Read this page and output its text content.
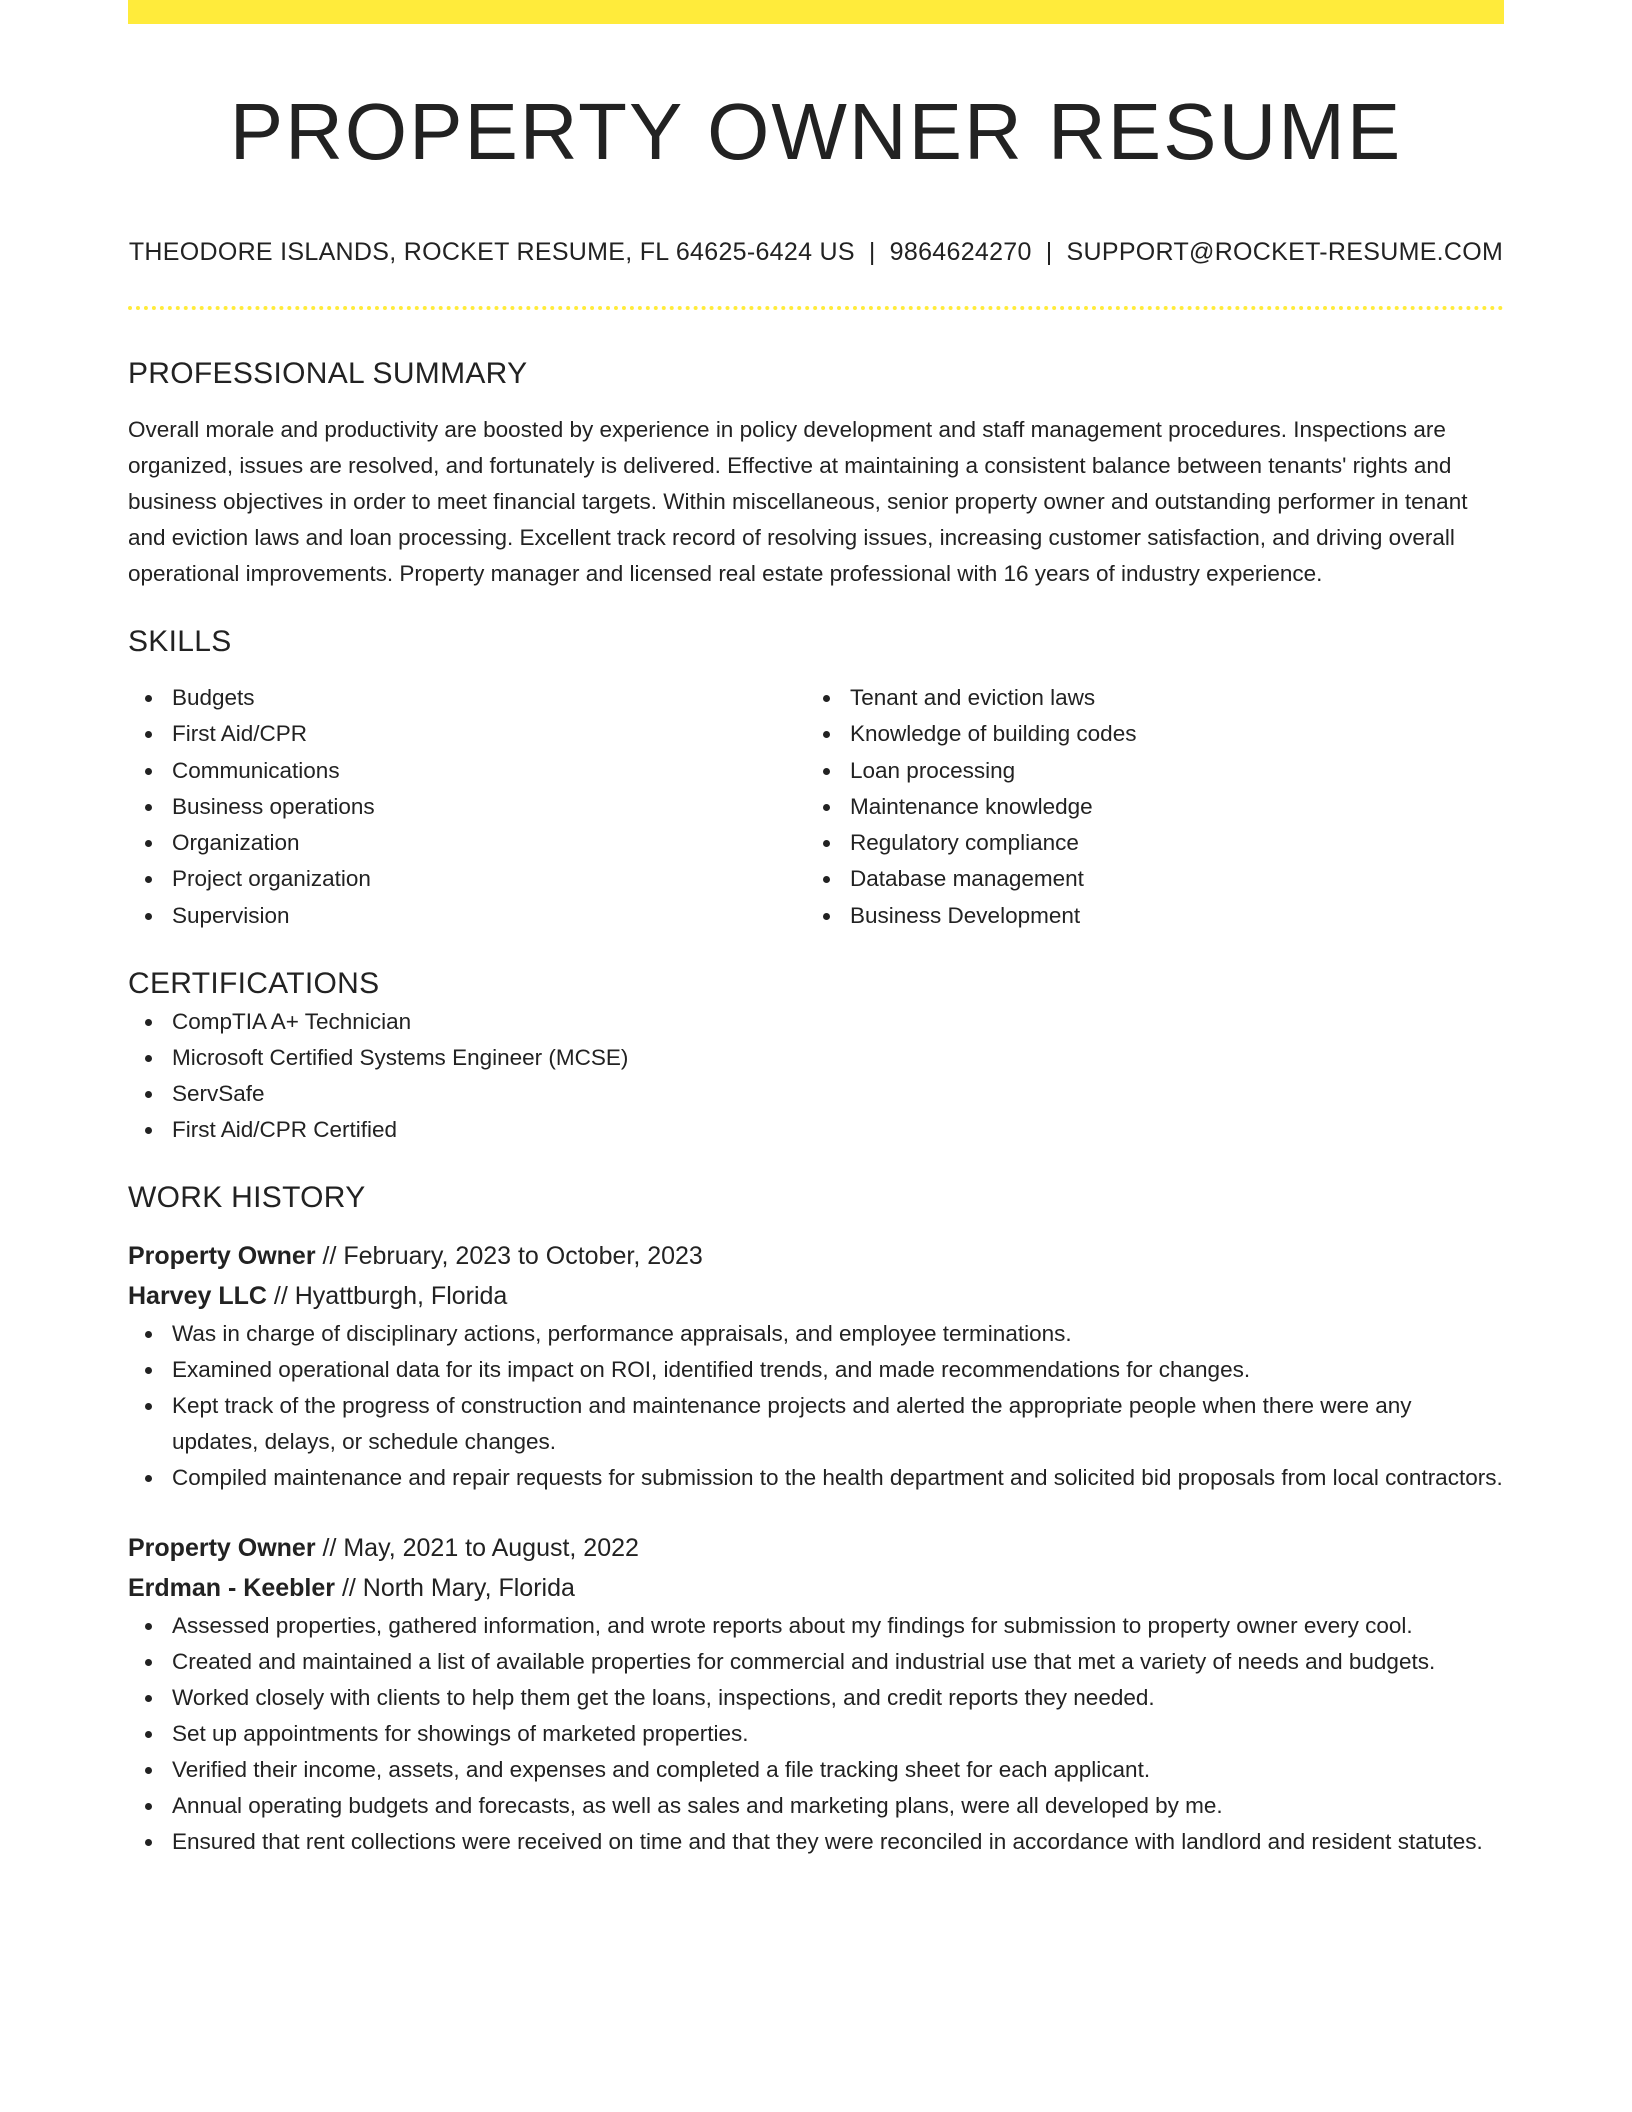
PROPERTY OWNER RESUME
THEODORE ISLANDS, ROCKET RESUME, FL 64625-6424 US | 9864624270 | SUPPORT@ROCKET-RESUME.COM
PROFESSIONAL SUMMARY

Overall morale and productivity are boosted by experience in policy development and staff management procedures. Inspections are organized, issues are resolved, and fortunately is delivered. Effective at maintaining a consistent balance between tenants' rights and business objectives in order to meet financial targets. Within miscellaneous, senior property owner and outstanding performer in tenant and eviction laws and loan processing. Excellent track record of resolving issues, increasing customer satisfaction, and driving overall operational improvements. Property manager and licensed real estate professional with 16 years of industry experience.

SKILLS
Budgets
First Aid/CPR
Communications
Business operations
Organization
Project organization
Supervision
Tenant and eviction laws
Knowledge of building codes
Loan processing
Maintenance knowledge
Regulatory compliance
Database management
Business Development
CERTIFICATIONS
CompTIA A+ Technician
Microsoft Certified Systems Engineer (MCSE)
ServSafe
First Aid/CPR Certified
WORK HISTORY
Property Owner // February, 2023 to October, 2023
Harvey LLC // Hyattburgh, Florida
Was in charge of disciplinary actions, performance appraisals, and employee terminations.
Examined operational data for its impact on ROI, identified trends, and made recommendations for changes.
Kept track of the progress of construction and maintenance projects and alerted the appropriate people when there were any updates, delays, or schedule changes.
Compiled maintenance and repair requests for submission to the health department and solicited bid proposals from local contractors.
Property Owner // May, 2021 to August, 2022
Erdman - Keebler // North Mary, Florida
Assessed properties, gathered information, and wrote reports about my findings for submission to property owner every cool.
Created and maintained a list of available properties for commercial and industrial use that met a variety of needs and budgets.
Worked closely with clients to help them get the loans, inspections, and credit reports they needed.
Set up appointments for showings of marketed properties.
Verified their income, assets, and expenses and completed a file tracking sheet for each applicant.
Annual operating budgets and forecasts, as well as sales and marketing plans, were all developed by me.
Ensured that rent collections were received on time and that they were reconciled in accordance with landlord and resident statutes.
